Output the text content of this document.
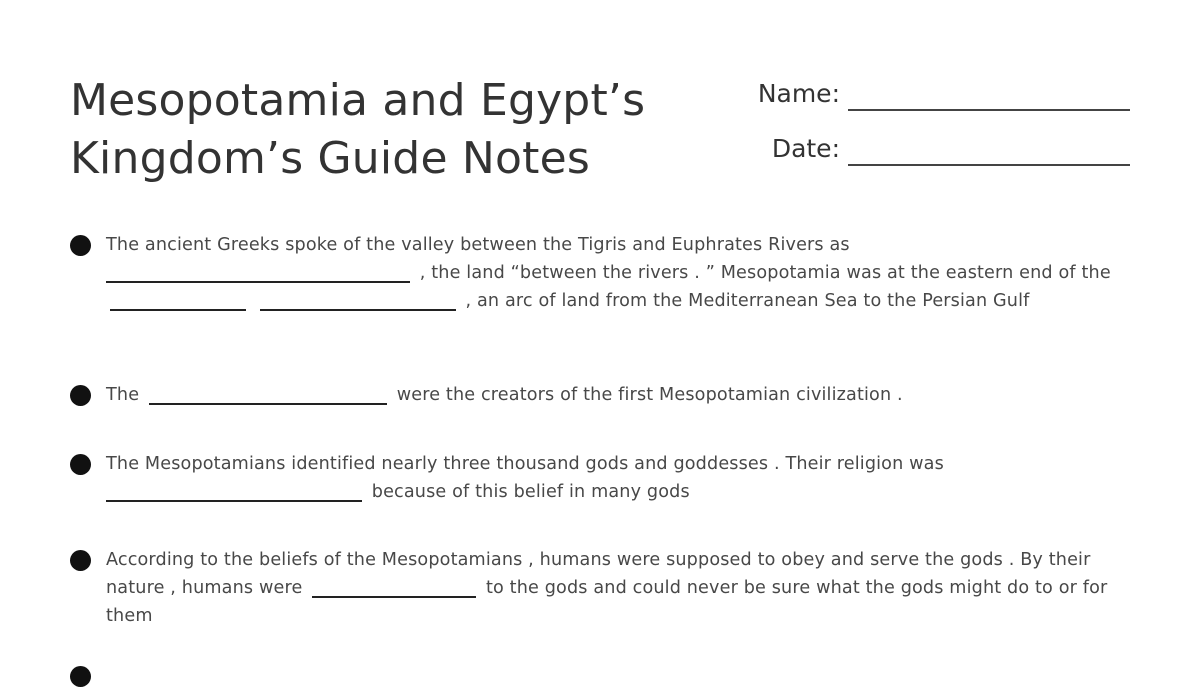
Mesopotamia and Egypt’s
Kingdom’s Guide Notes
Name:
Date:
The ancient Greeks spoke of the valley between the Tigris and Euphrates Rivers as
, the land “between the rivers . ” Mesopotamia was at the eastern end of the   , an arc of land from the Mediterranean Sea to the Persian Gulf
The	were the creators of the first Mesopotamian civilization .
The Mesopotamians identified nearly three thousand gods and goddesses . Their religion was
because of this belief in many gods
According to the beliefs of the Mesopotamians , humans were supposed to obey and serve the gods . By their nature , humans were	to the gods and could never be sure what the gods might do to or for them
